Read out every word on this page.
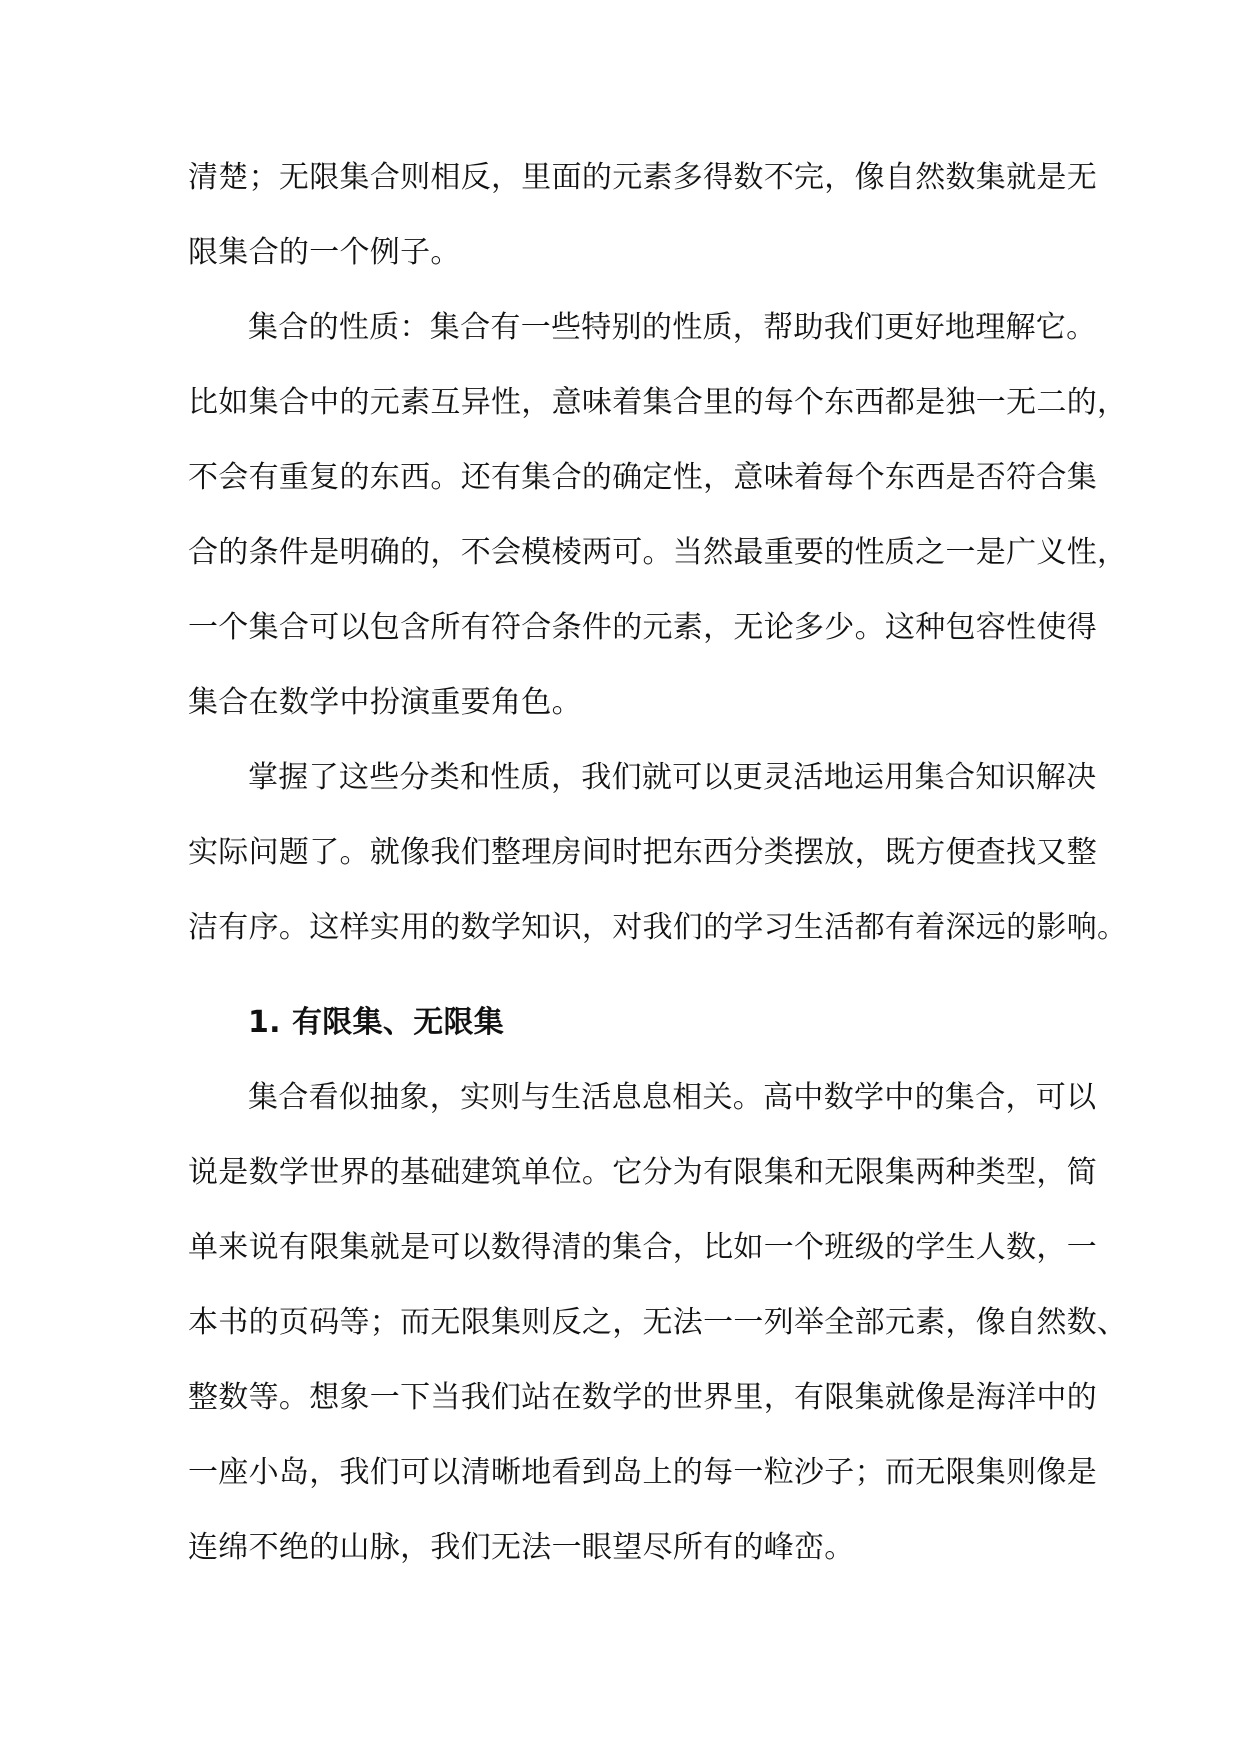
清楚；无限集合则相反，里面的元素多得数不完，像自然数集就是无
限集合的一个例子。
集合的性质：集合有一些特别的性质，帮助我们更好地理解它。
比如集合中的元素互异性，意味着集合里的每个东西都是独一无二的，
不会有重复的东西。还有集合的确定性，意味着每个东西是否符合集
合的条件是明确的，不会模棱两可。当然最重要的性质之一是广义性，
一个集合可以包含所有符合条件的元素，无论多少。这种包容性使得
集合在数学中扮演重要角色。
掌握了这些分类和性质，我们就可以更灵活地运用集合知识解决
实际问题了。就像我们整理房间时把东西分类摆放，既方便查找又整
洁有序。这样实用的数学知识，对我们的学习生活都有着深远的影响。
1. 有限集、无限集
集合看似抽象，实则与生活息息相关。高中数学中的集合，可以
说是数学世界的基础建筑单位。它分为有限集和无限集两种类型，简
单来说有限集就是可以数得清的集合，比如一个班级的学生人数，一
本书的页码等；而无限集则反之，无法一一列举全部元素，像自然数、
整数等。想象一下当我们站在数学的世界里，有限集就像是海洋中的
一座小岛，我们可以清晰地看到岛上的每一粒沙子；而无限集则像是
连绵不绝的山脉，我们无法一眼望尽所有的峰峦。
